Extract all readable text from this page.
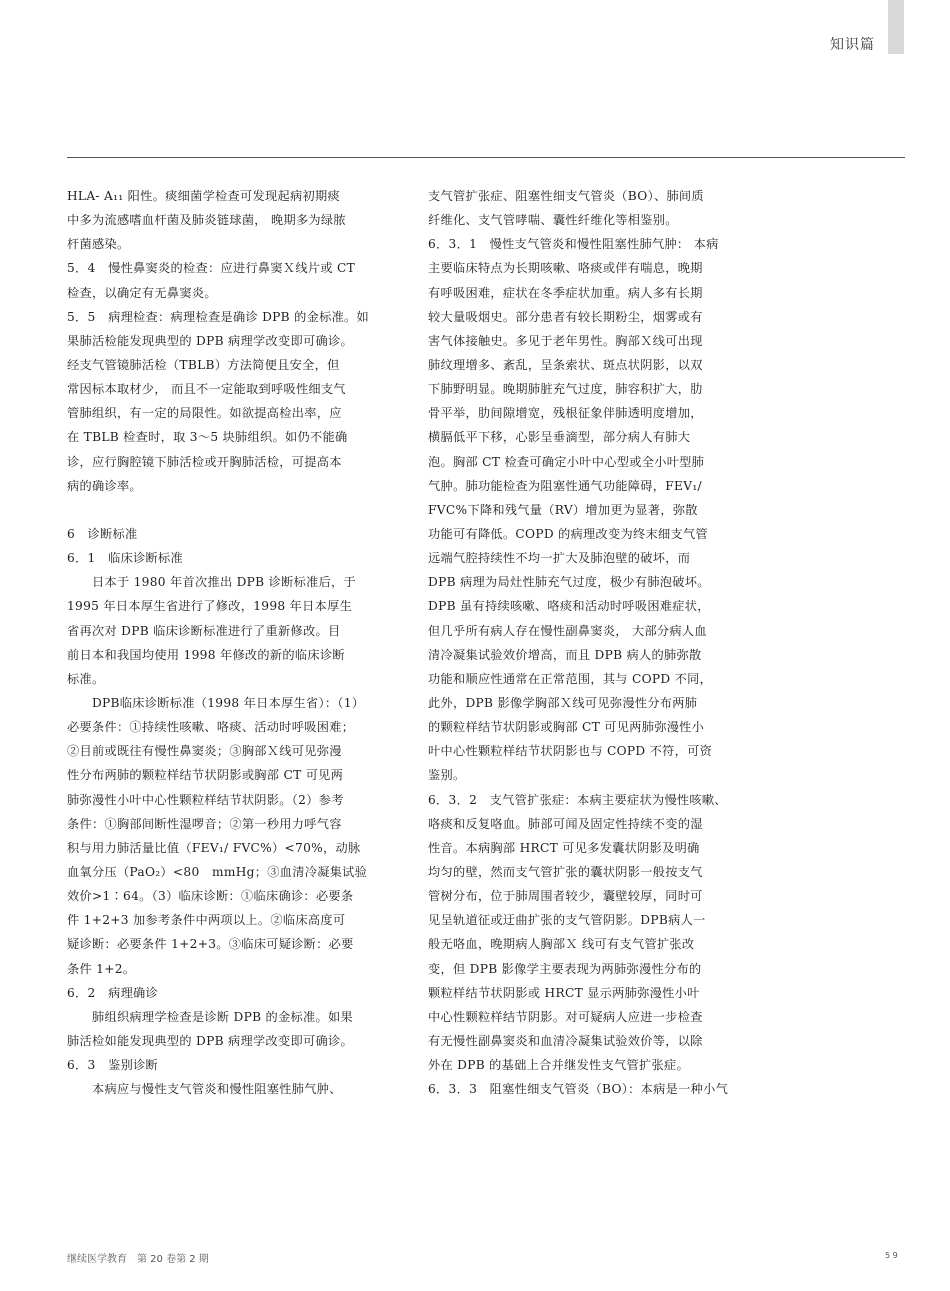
知识篇
HLA- A₁₁ 阳性。痰细菌学检查可发现起病初期痰
中多为流感嗜血杆菌及肺炎链球菌， 晚期多为绿脓
杆菌感染。
5．4　慢性鼻窦炎的检查：应进行鼻窦Ｘ线片或 CT
检查，以确定有无鼻窦炎。
5．5　病理检查：病理检查是确诊 DPB 的金标准。如
果肺活检能发现典型的 DPB 病理学改变即可确诊。
经支气管镜肺活检（TBLB）方法简便且安全，但
常因标本取材少， 而且不一定能取到呼吸性细支气
管肺组织，有一定的局限性。如欲提高检出率，应
在 TBLB 检查时，取 3～5 块肺组织。如仍不能确
诊，应行胸腔镜下肺活检或开胸肺活检，可提高本
病的确诊率。
6　诊断标准
6．1　临床诊断标准
　　日本于 1980 年首次推出 DPB 诊断标准后，于
1995 年日本厚生省进行了修改，1998 年日本厚生
省再次对 DPB 临床诊断标准进行了重新修改。目
前日本和我国均使用 1998 年修改的新的临床诊断
标准。
　　DPB临床诊断标准（1998 年日本厚生省）：（1）
必要条件：①持续性咳嗽、咯痰、活动时呼吸困难；
②目前或既往有慢性鼻窦炎；③胸部Ｘ线可见弥漫
性分布两肺的颗粒样结节状阴影或胸部 CT 可见两
肺弥漫性小叶中心性颗粒样结节状阴影。（2）参考
条件：①胸部间断性湿啰音；②第一秒用力呼气容
积与用力肺活量比值（FEV₁/ FVC%）<70%，动脉
血氧分压（PaO₂）<80　mmHg；③血清冷凝集试验
效价>1∶64。（3）临床诊断：①临床确诊：必要条
件 1+2+3 加参考条件中两项以上。②临床高度可
疑诊断：必要条件 1+2+3。③临床可疑诊断：必要
条件 1+2。
6．2　病理确诊
　　肺组织病理学检查是诊断 DPB 的金标准。如果
肺活检如能发现典型的 DPB 病理学改变即可确诊。
6．3　鉴别诊断
　　本病应与慢性支气管炎和慢性阻塞性肺气肿、
支气管扩张症、阻塞性细支气管炎（BO）、肺间质
纤维化、支气管哮喘、囊性纤维化等相鉴别。
6．3．1　慢性支气管炎和慢性阻塞性肺气肿： 本病
主要临床特点为长期咳嗽、咯痰或伴有喘息，晚期
有呼吸困难，症状在冬季症状加重。病人多有长期
较大量吸烟史。部分患者有较长期粉尘，烟雾或有
害气体接触史。多见于老年男性。胸部Ｘ线可出现
肺纹理增多、紊乱，呈条索状、斑点状阴影，以双
下肺野明显。晚期肺脏充气过度，肺容积扩大，肋
骨平举，肋间隙增宽，残根征象伴肺透明度增加，
横膈低平下移，心影呈垂滴型，部分病人有肺大
泡。胸部 CT 检查可确定小叶中心型或全小叶型肺
气肿。肺功能检查为阻塞性通气功能障碍，FEV₁/
FVC%下降和残气量（RV）增加更为显著，弥散
功能可有降低。COPD 的病理改变为终末细支气管
远端气腔持续性不均一扩大及肺泡壁的破坏，而
DPB 病理为局灶性肺充气过度，极少有肺泡破坏。
DPB 虽有持续咳嗽、咯痰和活动时呼吸困难症状，
但几乎所有病人存在慢性副鼻窦炎， 大部分病人血
清冷凝集试验效价增高，而且 DPB 病人的肺弥散
功能和顺应性通常在正常范围，其与 COPD 不同，
此外，DPB 影像学胸部Ｘ线可见弥漫性分布两肺
的颗粒样结节状阴影或胸部 CT 可见两肺弥漫性小
叶中心性颗粒样结节状阴影也与 COPD 不符，可资
鉴别。
6．3．2　支气管扩张症：本病主要症状为慢性咳嗽、
咯痰和反复咯血。肺部可闻及固定性持续不变的湿
性音。本病胸部 HRCT 可见多发囊状阴影及明确
均匀的壁，然而支气管扩张的囊状阴影一般按支气
管树分布，位于肺周围者较少，囊壁较厚，同时可
见呈轨道征或迂曲扩张的支气管阴影。DPB病人一
般无咯血，晚期病人胸部Ｘ 线可有支气管扩张改
变，但 DPB 影像学主要表现为两肺弥漫性分布的
颗粒样结节状阴影或 HRCT 显示两肺弥漫性小叶
中心性颗粒样结节阴影。对可疑病人应进一步检查
有无慢性副鼻窦炎和血清冷凝集试验效价等，以除
外在 DPB 的基础上合并继发性支气管扩张症。
6．3．3　阻塞性细支气管炎（BO）：本病是一种小气
继续医学教育　第 20 卷第 2 期	5 9
